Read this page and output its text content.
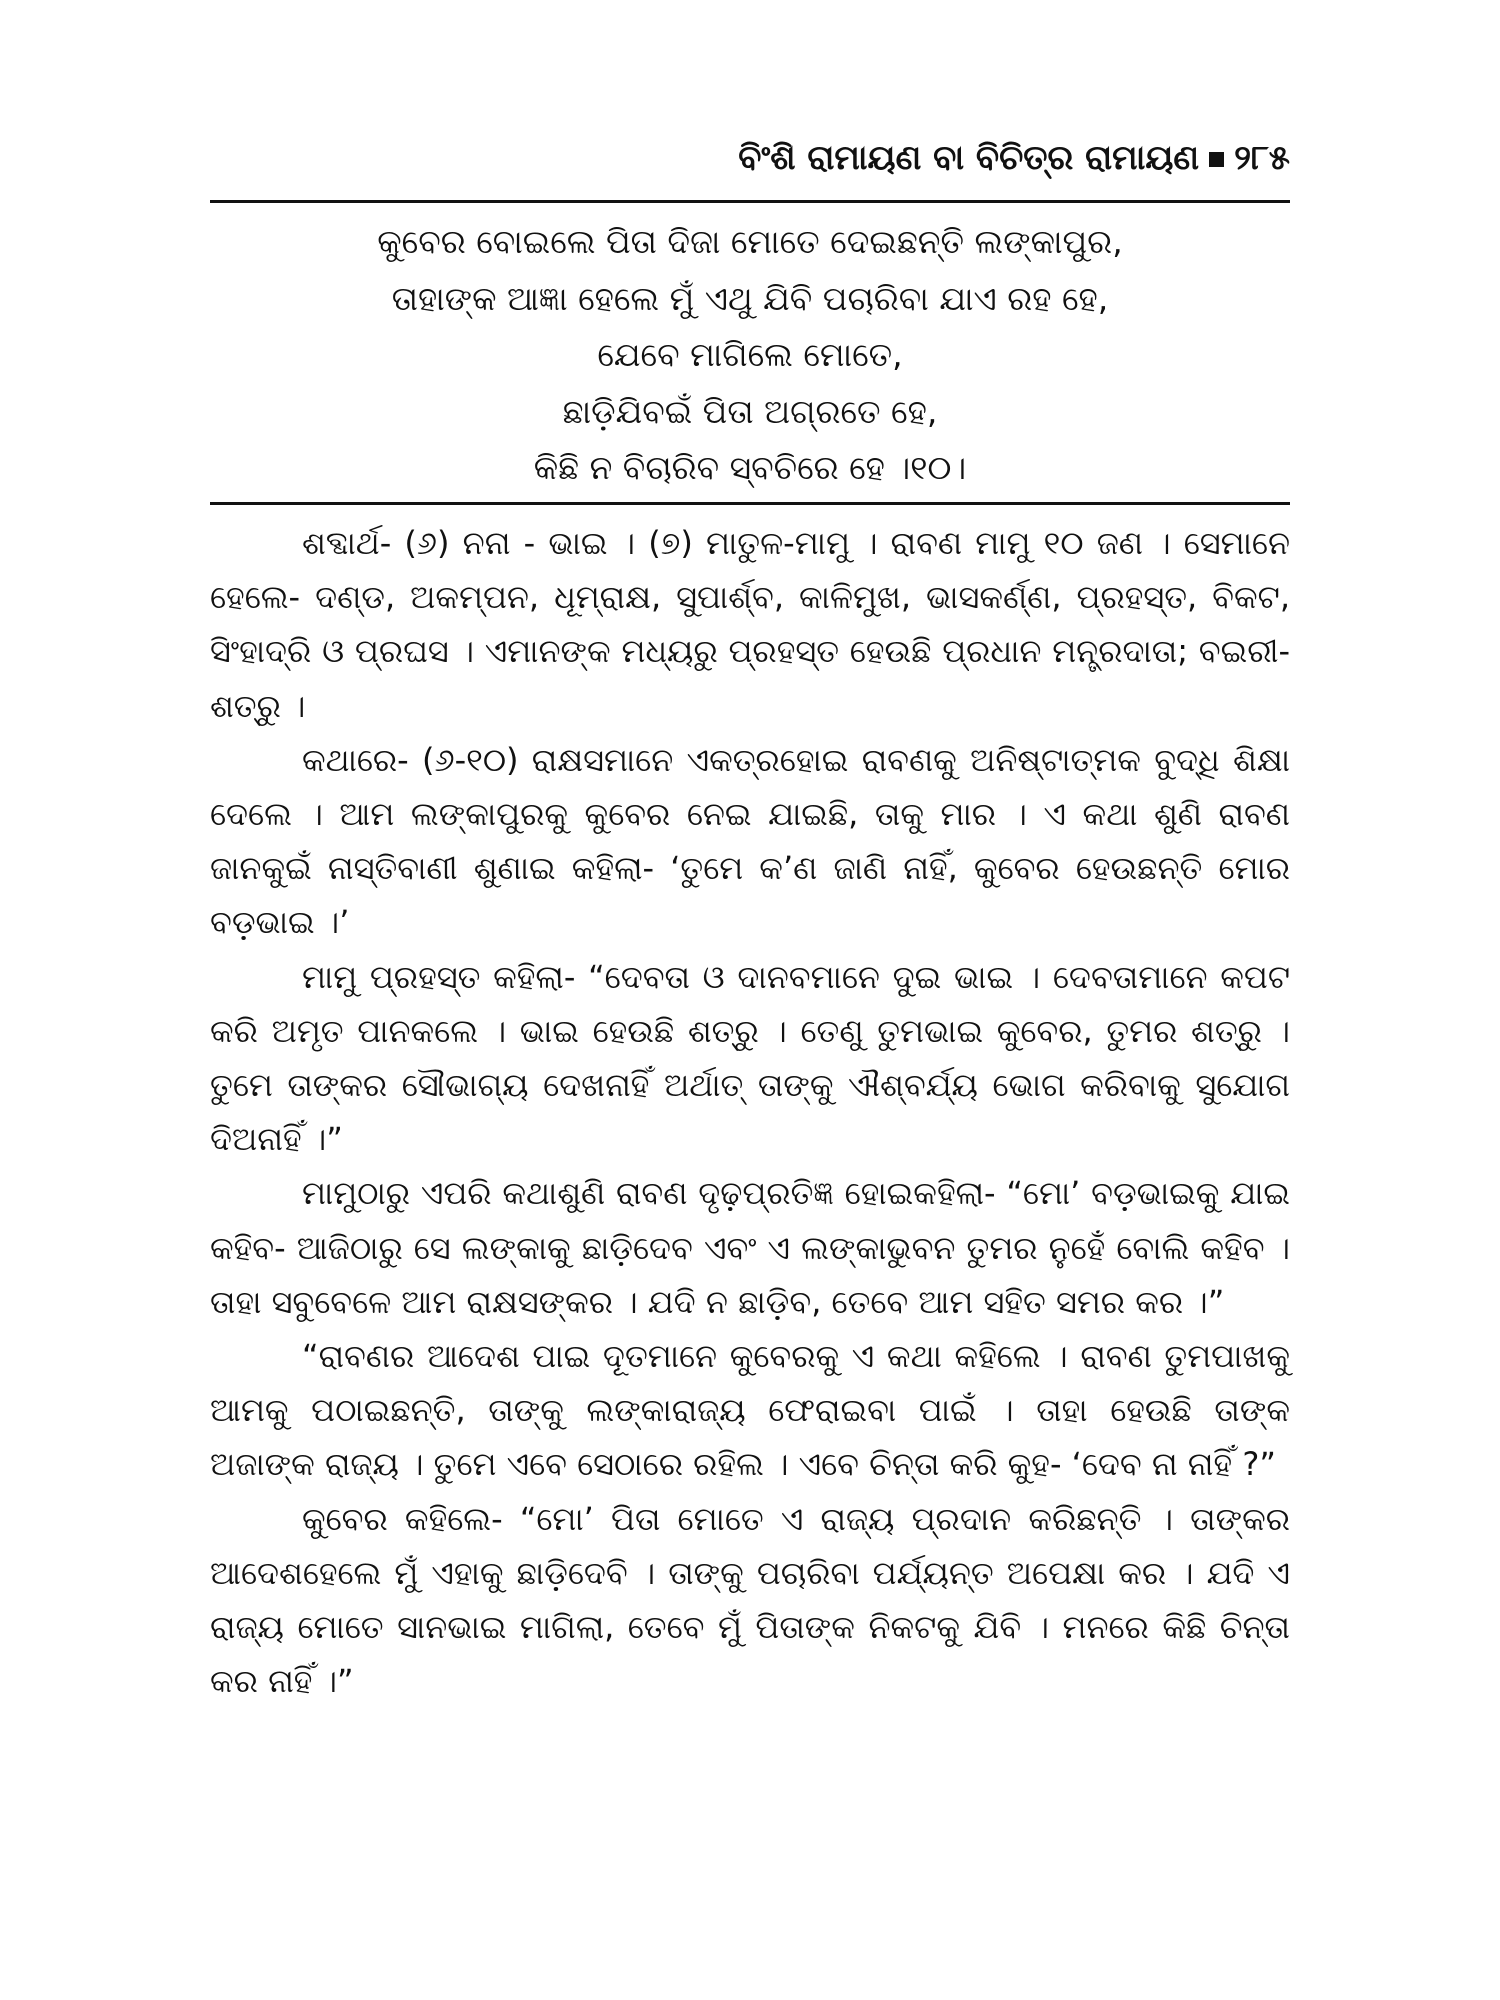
ବିଂଶି ରାମାୟଣ ବା ବିଚିତ୍ର ରାମାୟଣ ୨୮୫
କୁବେର ବୋଇଲେ ପିତା ଦିଜା ମୋତେ ଦେଇଛନ୍ତି ଲଙ୍କାପୁର,
ତାହାଙ୍କ ଆଜ୍ଞା ହେଲେ ମୁଁ ଏଥୁ ଯିବି ପଚାରିବା ଯାଏ ରହ ହେ,
ଯେବେ ମାଗିଲେ ମୋତେ,
ଛାଡ଼ିଯିବଇଁ ପିତା ଅଗ୍ରତେ ହେ,
କିଛି ନ ବିଚାରିବ ସ୍ବଚିରେ ହେ ।୧୦।

ଶବ୍ଦାର୍ଥ- (୬) ନନା - ଭାଇ । (୭) ମାତୁଳ-ମାମୁ । ରାବଣ ମାମୁ ୧୦ ଜଣ । ସେମାନେ ହେଲେ- ଦଣ୍ଡ, ଅକମ୍ପନ, ଧୂମ୍ରାକ୍ଷ, ସୁପାର୍ଶ୍ବ, କାଳିମୁଖ, ଭାସକର୍ଣ୍ଣ, ପ୍ରହସ୍ତ, ବିକଟ, ସିଂହାଦ୍ରି ଓ ପ୍ରଘସ । ଏମାନଙ୍କ ମଧ୍ୟରୁ ପ୍ରହସ୍ତ ହେଉଛି ପ୍ରଧାନ ମନ୍ତ୍ରଦାତା; ବଇରୀ-ଶତ୍ରୁ ।

କଥାରେ- (୬-୧୦) ରାକ୍ଷସମାନେ ଏକତ୍ରହୋଇ ରାବଣକୁ ଅନିଷ୍ଟାତ୍ମକ ବୁଦ୍ଧି ଶିକ୍ଷା ଦେଲେ । ଆମ ଲଙ୍କାପୁରକୁ କୁବେର ନେଇ ଯାଇଛି, ତାକୁ ମାର । ଏ କଥା ଶୁଣି ରାବଣ ଜାନକୁଇଁ ନାସ୍ତିବାଣୀ ଶୁଣାଇ କହିଲା- ‘ତୁମେ କ’ଣ ଜାଣି ନାହିଁ, କୁବେର ହେଉଛନ୍ତି ମୋର ବଡ଼ଭାଇ ।’

ମାମୁ ପ୍ରହସ୍ତ କହିଲା- “ଦେବତା ଓ ଦାନବମାନେ ଦୁଇ ଭାଇ । ଦେବତାମାନେ କପଟ କରି ଅମୃତ ପାନକଲେ । ଭାଇ ହେଉଛି ଶତ୍ରୁ । ତେଣୁ ତୁମଭାଇ କୁବେର, ତୁମର ଶତ୍ରୁ । ତୁମେ ତାଙ୍କର ସୌଭାଗ୍ୟ ଦେଖନାହିଁ ଅର୍ଥାତ୍ ତାଙ୍କୁ ଐଶ୍ବର୍ଯ୍ୟ ଭୋଗ କରିବାକୁ ସୁଯୋଗ ଦିଅନାହିଁ ।”

ମାମୁଠାରୁ ଏପରି କଥାଶୁଣି ରାବଣ ଦୃଢ଼ପ୍ରତିଜ୍ଞ ହୋଇକହିଲା- “ମୋ’ ବଡ଼ଭାଇକୁ ଯାଇ କହିବ- ଆଜିଠାରୁ ସେ ଲଙ୍କାକୁ ଛାଡ଼ିଦେବ ଏବଂ ଏ ଲଙ୍କାଭୁବନ ତୁମର ନୁହେଁ ବୋଲି କହିବ । ତାହା ସବୁବେଳେ ଆମ ରାକ୍ଷସଙ୍କର । ଯଦି ନ ଛାଡ଼ିବ, ତେବେ ଆମ ସହିତ ସମର କର ।”

“ରାବଣର ଆଦେଶ ପାଇ ଦୂତମାନେ କୁବେରକୁ ଏ କଥା କହିଲେ । ରାବଣ ତୁମପାଖକୁ ଆମକୁ ପଠାଇଛନ୍ତି, ତାଙ୍କୁ ଲଙ୍କାରାଜ୍ୟ ଫେରାଇବା ପାଇଁ । ତାହା ହେଉଛି ତାଙ୍କ ଅଜାଙ୍କ ରାଜ୍ୟ । ତୁମେ ଏବେ ସେଠାରେ ରହିଲ । ଏବେ ଚିନ୍ତା କରି କୁହ- ‘ଦେବ ନା ନାହିଁ ?”

କୁବେର କହିଲେ- “ମୋ’ ପିତା ମୋତେ ଏ ରାଜ୍ୟ ପ୍ରଦାନ କରିଛନ୍ତି । ତାଙ୍କର ଆଦେଶହେଲେ ମୁଁ ଏହାକୁ ଛାଡ଼ିଦେବି । ତାଙ୍କୁ ପଚାରିବା ପର୍ଯ୍ୟନ୍ତ ଅପେକ୍ଷା କର । ଯଦି ଏ ରାଜ୍ୟ ମୋତେ ସାନଭାଇ ମାଗିଲା, ତେବେ ମୁଁ ପିତାଙ୍କ ନିକଟକୁ ଯିବି । ମନରେ କିଛି ଚିନ୍ତା କର ନାହିଁ ।”
